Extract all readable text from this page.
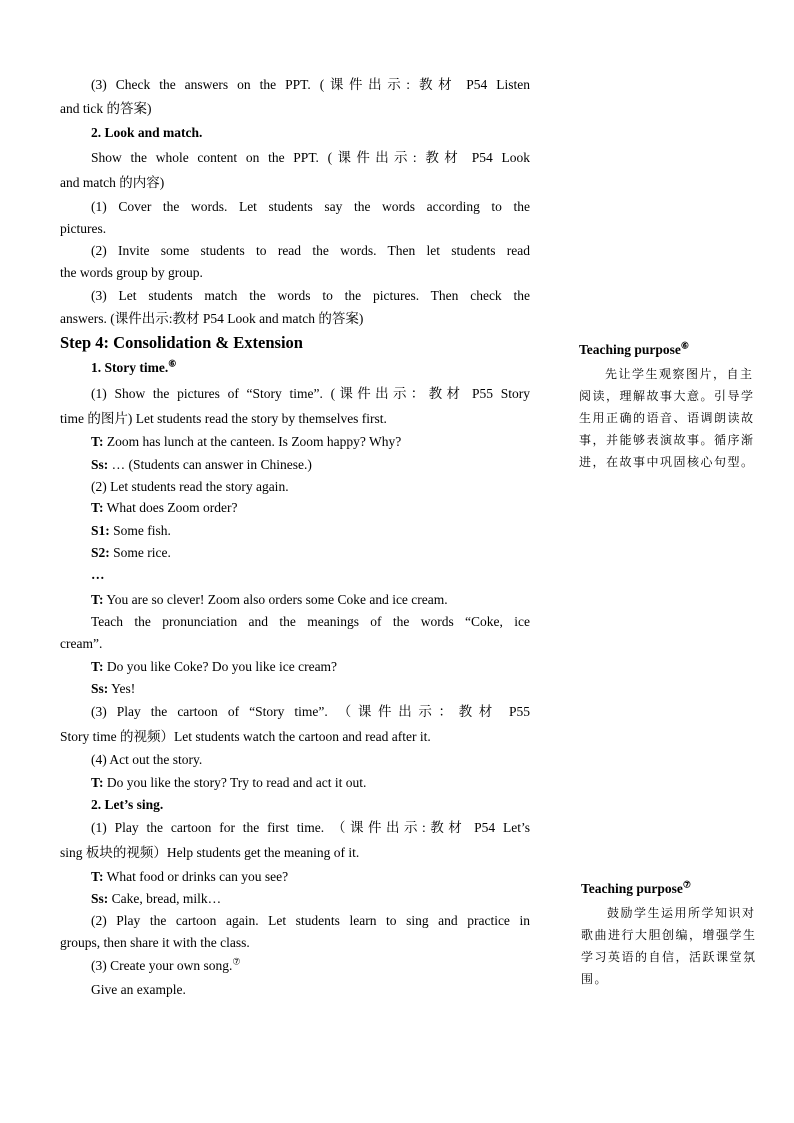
(3) Check the answers on the PPT. (课件出示: 教材 P54 Listen
and tick 的答案)
2. Look and match.
Show the whole content on the PPT. (课件出示: 教材 P54 Look
and match 的内容)
(1) Cover the words. Let students say the words according to the
pictures.
(2) Invite some students to read the words. Then let students read
the words group by group.
(3) Let students match the words to the pictures. Then check the
answers. (课件出示:教材 P54 Look and match 的答案)
Step 4: Consolidation & Extension
1. Story time.⑥
(1) Show the pictures of “Story time”. (课件出示：教材 P55 Story
time 的图片) Let students read the story by themselves first.
T: Zoom has lunch at the canteen. Is Zoom happy? Why?
Ss: … (Students can answer in Chinese.)
(2) Let students read the story again.
T: What does Zoom order?
S1: Some fish.
S2: Some rice.
…
T: You are so clever! Zoom also orders some Coke and ice cream.
Teach the pronunciation and the meanings of the words “Coke, ice
cream”.
T: Do you like Coke? Do you like ice cream?
Ss: Yes!
(3) Play the cartoon of “Story time”. （课件出示：教材 P55
Story time 的视频）Let students watch the cartoon and read after it.
(4) Act out the story.
T: Do you like the story? Try to read and act it out.
2. Let’s sing.
(1) Play the cartoon for the first time. （课件出示:教材 P54 Let’s
sing 板块的视频）Help students get the meaning of it.
T: What food or drinks can you see?
Ss: Cake, bread, milk…
(2) Play the cartoon again. Let students learn to sing and practice in
groups, then share it with the class.
(3) Create your own song.⑦
Give an example.
Teaching purpose⑥
先让学生观察图片，自主阅读，理解故事大意。引导学生用正确的语音、语调朗读故事，并能够表演故事。循序渐进，在故事中巩固核心句型。
Teaching purpose⑦
鼓励学生运用所学知识对歌曲进行大胆创编，增强学生学习英语的自信，活跃课堂氛围。
